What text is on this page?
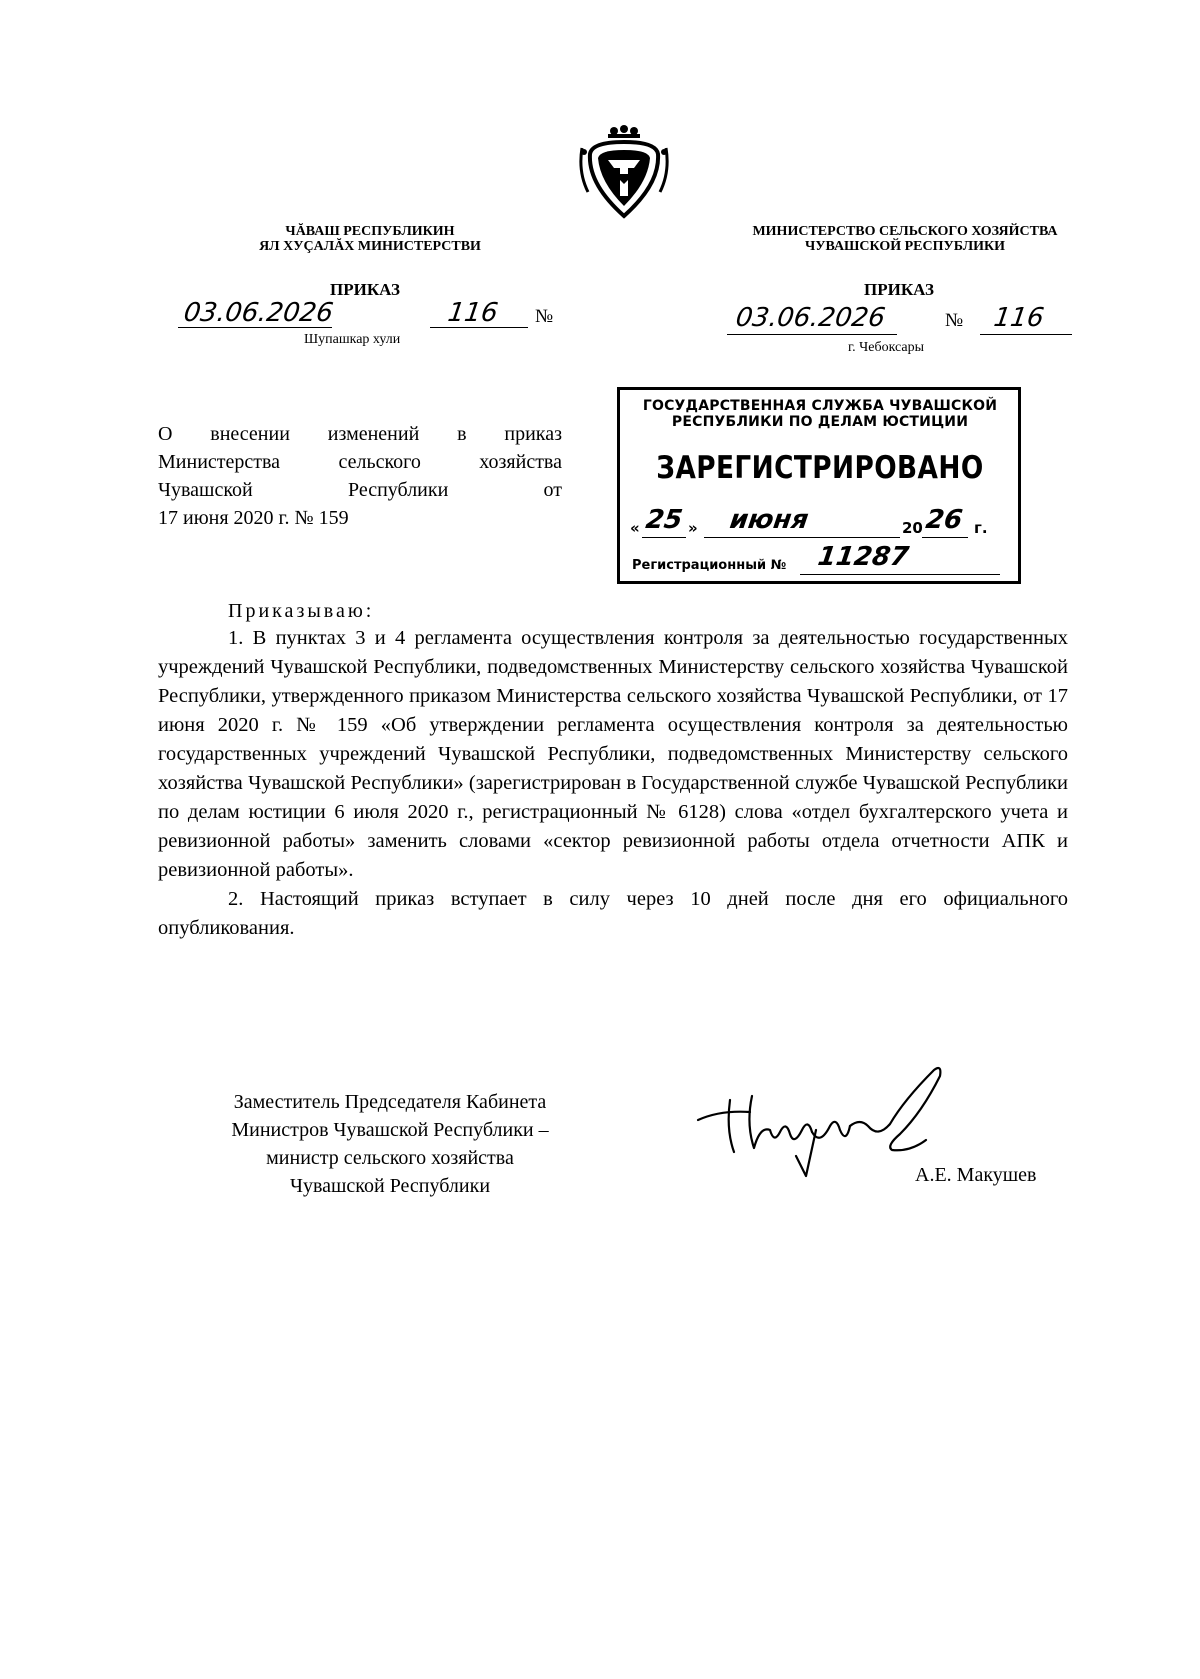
ЧĂВАШ РЕСПУБЛИКИН
ЯЛ ХУÇАЛĂХ МИНИСТЕРСТВИ
МИНИСТЕРСТВО СЕЛЬСКОГО ХОЗЯЙСТВА
ЧУВАШСКОЙ РЕСПУБЛИКИ
ПРИКАЗ	ПРИКАЗ
03.06.2026	116 №
Шупашкар хули
03.06.2026	№ 116
г. Чебоксары
О внесении изменений в приказ
Министерства сельского хозяйства
Чувашской Республики от
17 июня 2020 г. № 159
ГОСУДАРСТВЕННАЯ СЛУЖБА ЧУВАШСКОЙ
РЕСПУБЛИКИ ПО ДЕЛАМ ЮСТИЦИИ
ЗАРЕГИСТРИРОВАНО
« 25 » июня	20 26 г.
Регистрационный № 11287
Приказываю:

1. В пунктах 3 и 4 регламента осуществления контроля за деятельностью государственных учреждений Чувашской Республики, подведомственных Министерству сельского хозяйства Чувашской Республики, утвержденного приказом Министерства сельского хозяйства Чувашской Республики, от 17 июня 2020 г. № 159 «Об утверждении регламента осуществления контроля за деятельностью государственных учреждений Чувашской Республики, подведомственных Министерству сельского хозяйства Чувашской Республики» (зарегистрирован в Государственной службе Чувашской Республики по делам юстиции 6 июля 2020 г., регистрационный № 6128) слова «отдел бухгалтерского учета и ревизионной работы» заменить словами «сектор ревизионной работы отдела отчетности АПК и ревизионной работы».

2. Настоящий приказ вступает в силу через 10 дней после дня его официального опубликования.

Заместитель Председателя Кабинета
Министров Чувашской Республики –
министр сельского хозяйства
Чувашской Республики	А.Е. Макушев
